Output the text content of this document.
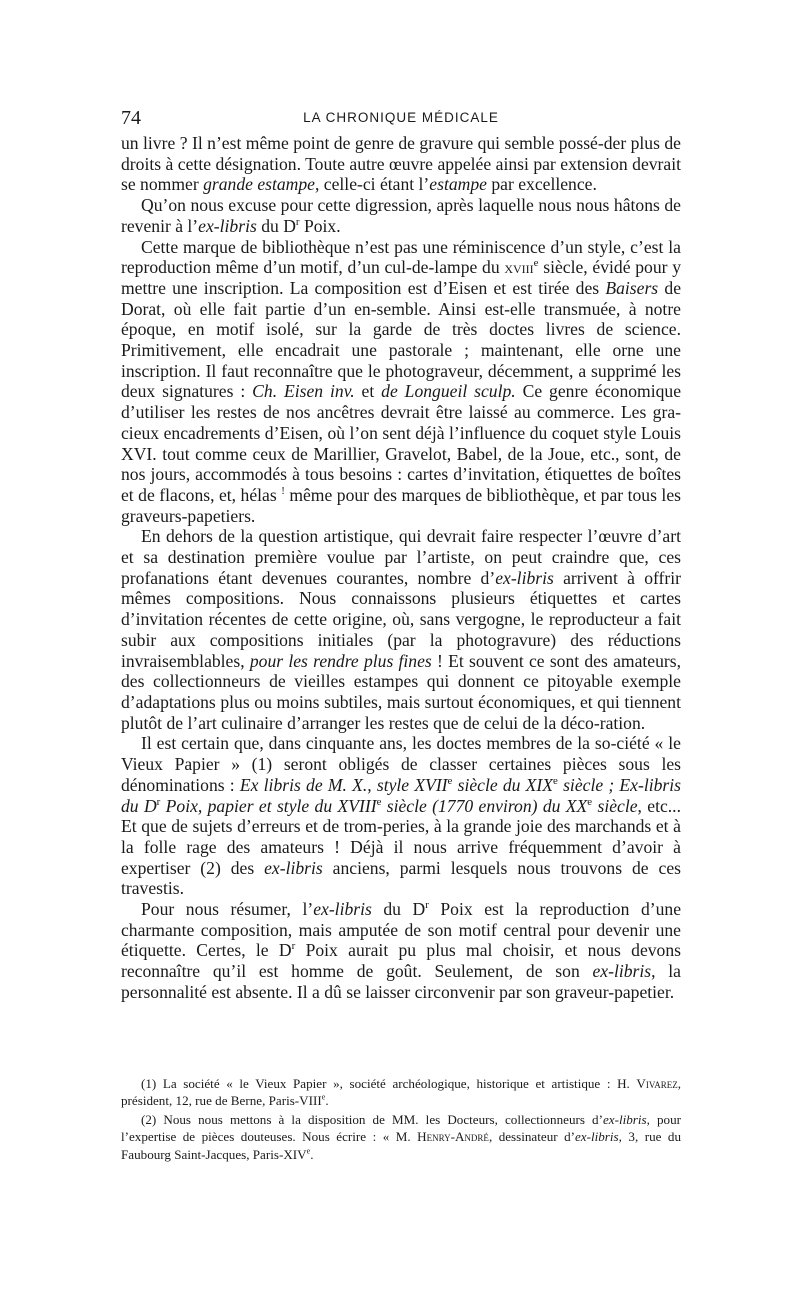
74	LA CHRONIQUE MÉDICALE

un livre ? Il n’est même point de genre de gravure qui semble possé-der plus de droits à cette désignation. Toute autre œuvre appelée ainsi par extension devrait se nommer grande estampe, celle-ci étant l’estampe par excellence.

Qu’on nous excuse pour cette digression, après laquelle nous nous hâtons de revenir à l’ex-libris du $D^r$ Poix.

Cette marque de bibliothèque n’est pas une réminiscence d’un style, c’est la reproduction même d’un motif, d’un cul-de-lampe du xviii$^e$ siècle, évidé pour y mettre une inscription. La composition est d’Eisen et est tirée des Baisers de Dorat, où elle fait partie d’un en-semble. Ainsi est-elle transmuée, à notre époque, en motif isolé, sur la garde de très doctes livres de science. Primitivement, elle encadrait une pastorale ; maintenant, elle orne une inscription. Il faut reconnaître que le photograveur, décemment, a supprimé les deux signatures : Ch. Eisen inv. et de Longueil sculp. Ce genre économique d’utiliser les restes de nos ancêtres devrait être laissé au commerce. Les gra-cieux encadrements d’Eisen, où l’on sent déjà l’influence du coquet style Louis XVI. tout comme ceux de Marillier, Gravelot, Babel, de la Joue, etc., sont, de nos jours, accommodés à tous besoins : cartes d’invitation, étiquettes de boîtes et de flacons, et, hélas ! même pour des marques de bibliothèque, et par tous les graveurs-papetiers.

En dehors de la question artistique, qui devrait faire respecter l’œuvre d’art et sa destination première voulue par l’artiste, on peut craindre que, ces profanations étant devenues courantes, nombre d’ex-libris arrivent à offrir mêmes compositions. Nous connaissons plusieurs étiquettes et cartes d’invitation récentes de cette origine, où, sans vergogne, le reproducteur a fait subir aux compositions initiales (par la photogravure) des réductions invraisemblables, pour les rendre plus fines ! Et souvent ce sont des amateurs, des collectionneurs de vieilles estampes qui donnent ce pitoyable exemple d’adaptations plus ou moins subtiles, mais surtout économiques, et qui tiennent plutôt de l’art culinaire d’arranger les restes que de celui de la déco-ration.

Il est certain que, dans cinquante ans, les doctes membres de la so-ciété « le Vieux Papier » (1) seront obligés de classer certaines pièces sous les dénominations : Ex libris de M. X., style XVIIe siècle du XIXe siècle ; Ex-libris du $D^r$ Poix, papier et style du XVIIIe siècle (1770 environ) du XXe siècle, etc... Et que de sujets d’erreurs et de trom-peries, à la grande joie des marchands et à la folle rage des amateurs ! Déjà il nous arrive fréquemment d’avoir à expertiser (2) des ex-libris anciens, parmi lesquels nous trouvons de ces travestis.

Pour nous résumer, l’ex-libris du $D^r$ Poix est la reproduction d’une charmante composition, mais amputée de son motif central pour devenir une étiquette. Certes, le $D^r$ Poix aurait pu plus mal choisir, et nous devons reconnaître qu’il est homme de goût. Seulement, de son ex-libris, la personnalité est absente. Il a dû se laisser circonvenir par son graveur-papetier.

(1) La société « le Vieux Papier », société archéologique, historique et artistique : H. Vivarez, président, 12, rue de Berne, Paris-VIIIe.

(2) Nous nous mettons à la disposition de MM. les Docteurs, collectionneurs d’ex-libris, pour l’expertise de pièces douteuses. Nous écrire : « M. Henry-André, dessinateur d’ex-libris, 3, rue du Faubourg Saint-Jacques, Paris-XIVe.
